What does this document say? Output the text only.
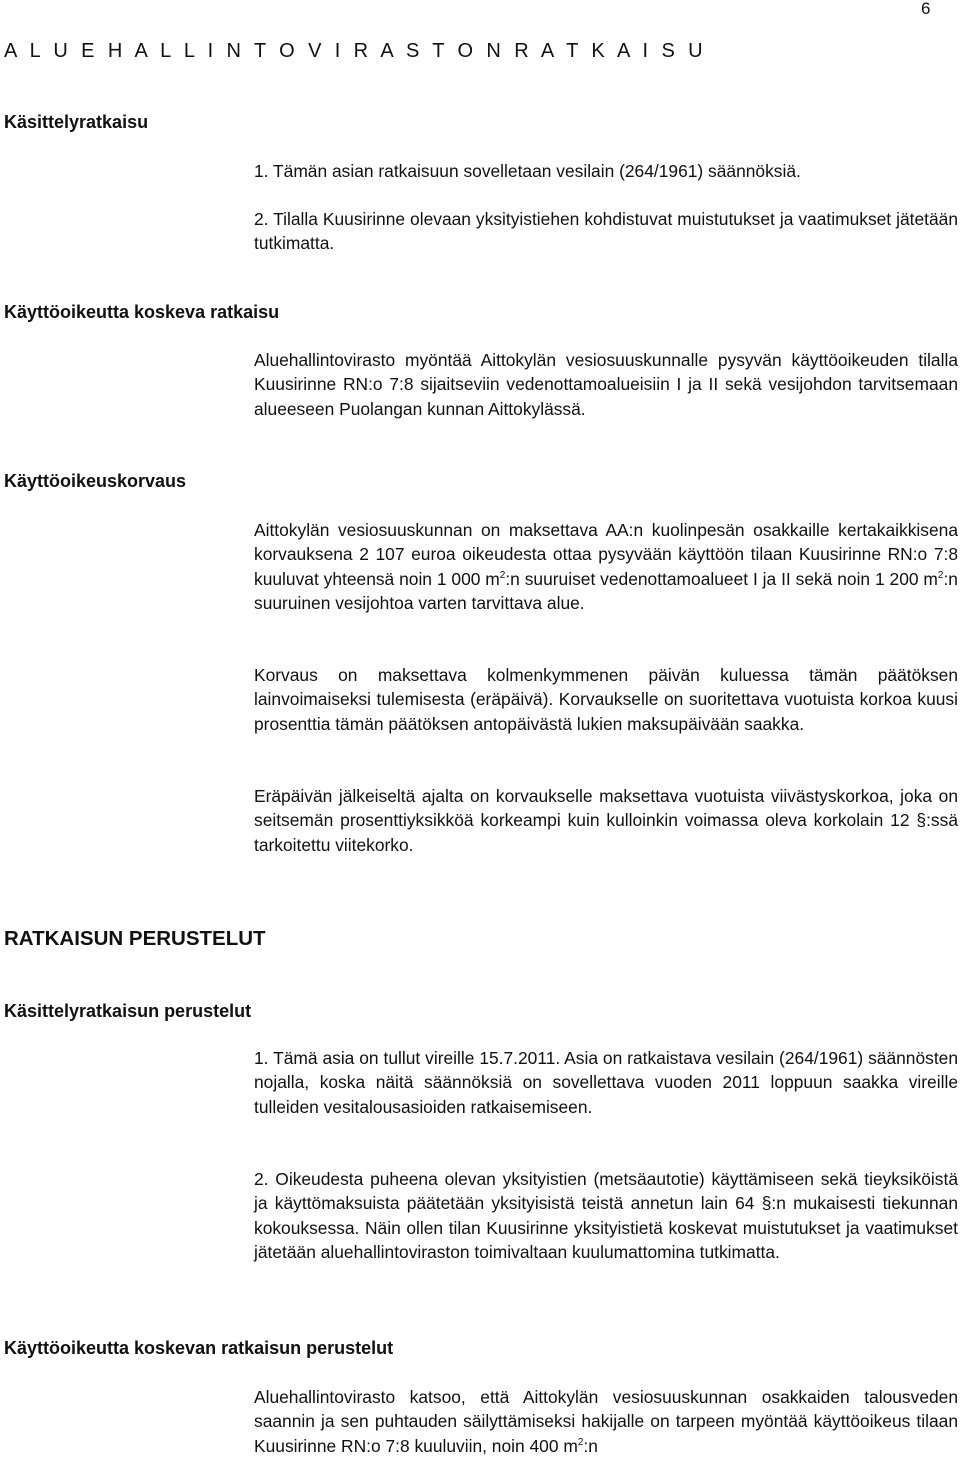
6
A L U E H A L L I N T O V I R A S T O N R A T K A I S U
Käsittelyratkaisu

1. Tämän asian ratkaisuun sovelletaan vesilain (264/1961) säännöksiä.

2. Tilalla Kuusirinne olevaan yksityistiehen kohdistuvat muistutukset ja vaatimukset jätetään tutkimatta.

Käyttöoikeutta koskeva ratkaisu

Aluehallintovirasto myöntää Aittokylän vesiosuuskunnalle pysyvän käyttöoikeuden tilalla Kuusirinne RN:o 7:8 sijaitseviin vedenottamoalueisiin I ja II sekä vesijohdon tarvitsemaan alueeseen Puolangan kunnan Aittokylässä.

Käyttöoikeuskorvaus

Aittokylän vesiosuuskunnan on maksettava AA:n kuolinpesän osakkaille kertakaikkisena korvauksena 2 107 euroa oikeudesta ottaa pysyvään käyttöön tilaan Kuusirinne RN:o 7:8 kuuluvat yhteensä noin 1 000 $m^2:n$ suuruiset vedenottamoalueet I ja II sekä noin 1 200 $m^2:n$ suuruinen vesijohtoa varten tarvittava alue.

Korvaus on maksettava kolmenkymmenen päivän kuluessa tämän päätöksen lainvoimaiseksi tulemisesta (eräpäivä). Korvaukselle on suoritettava vuotuista korkoa kuusi prosenttia tämän päätöksen antopäivästä lukien maksupäivään saakka.

Eräpäivän jälkeiseltä ajalta on korvaukselle maksettava vuotuista viivästyskorkoa, joka on seitsemän prosenttiyksikköä korkeampi kuin kulloinkin voimassa oleva korkolain 12 §:ssä tarkoitettu viitekorko.

RATKAISUN PERUSTELUT
Käsittelyratkaisun perustelut

1. Tämä asia on tullut vireille 15.7.2011. Asia on ratkaistava vesilain (264/1961) säännösten nojalla, koska näitä säännöksiä on sovellettava vuoden 2011 loppuun saakka vireille tulleiden vesitalousasioiden ratkaisemiseen.

2. Oikeudesta puheena olevan yksityistien (metsäautotie) käyttämiseen sekä tieyksiköistä ja käyttömaksuista päätetään yksityisistä teistä annetun lain 64 §:n mukaisesti tiekunnan kokouksessa. Näin ollen tilan Kuusirinne yksityistietä koskevat muistutukset ja vaatimukset jätetään aluehallintoviraston toimivaltaan kuulumattomina tutkimatta.

Käyttöoikeutta koskevan ratkaisun perustelut

Aluehallintovirasto katsoo, että Aittokylän vesiosuuskunnan osakkaiden talousveden saannin ja sen puhtauden säilyttämiseksi hakijalle on tarpeen myöntää käyttöoikeus tilaan Kuusirinne RN:o 7:8 kuuluviin, noin 400 $m^2:n$
